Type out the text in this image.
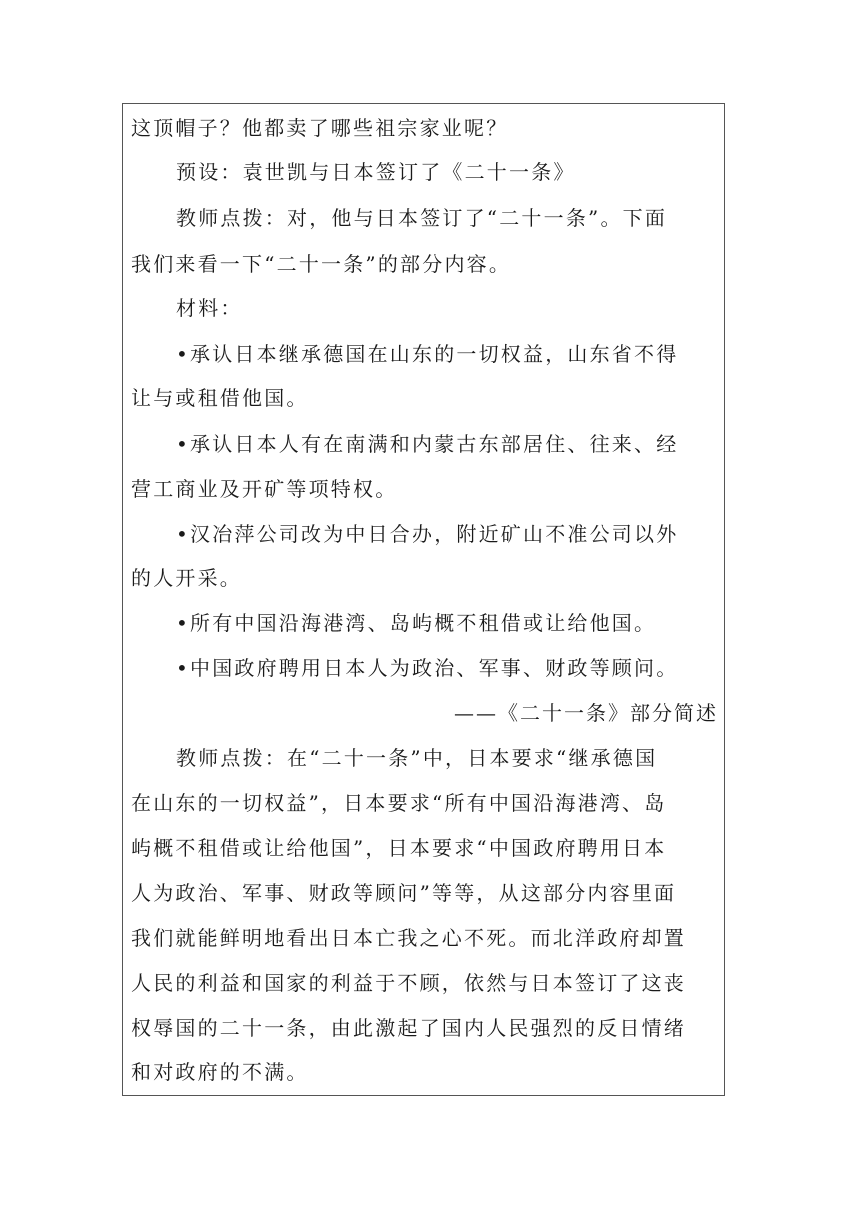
这顶帽子？他都卖了哪些祖宗家业呢？
预设：袁世凯与日本签订了《二十一条》
教师点拨：对，他与日本签订了“二十一条”。下面
我们来看一下“二十一条”的部分内容。
材料：
•承认日本继承德国在山东的一切权益，山东省不得
让与或租借他国。
•承认日本人有在南满和内蒙古东部居住、往来、经
营工商业及开矿等项特权。
•汉冶萍公司改为中日合办，附近矿山不准公司以外
的人开采。
•所有中国沿海港湾、岛屿概不租借或让给他国。
•中国政府聘用日本人为政治、军事、财政等顾问。
——《二十一条》部分简述
教师点拨：在“二十一条”中，日本要求“继承德国
在山东的一切权益”，日本要求“所有中国沿海港湾、岛
屿概不租借或让给他国”，日本要求“中国政府聘用日本
人为政治、军事、财政等顾问”等等，从这部分内容里面
我们就能鲜明地看出日本亡我之心不死。而北洋政府却置
人民的利益和国家的利益于不顾，依然与日本签订了这丧
权辱国的二十一条，由此激起了国内人民强烈的反日情绪
和对政府的不满。
